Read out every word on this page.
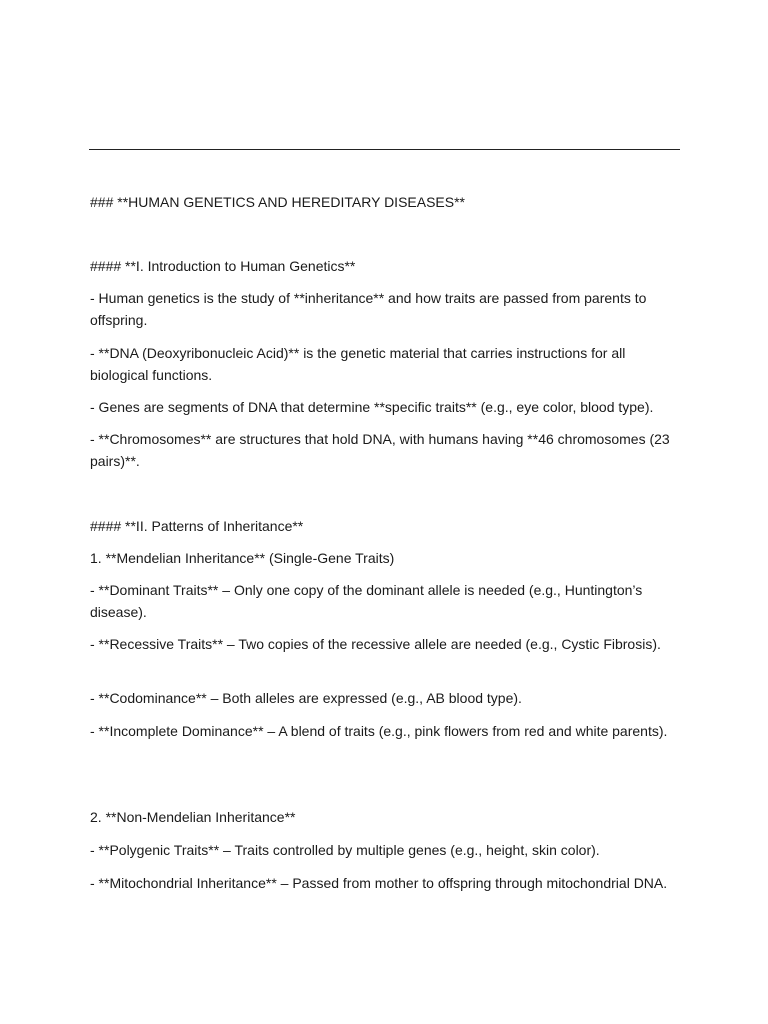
### **HUMAN GENETICS AND HEREDITARY DISEASES**
#### **I. Introduction to Human Genetics**
- Human genetics is the study of **inheritance** and how traits are passed from parents to offspring.
- **DNA (Deoxyribonucleic Acid)** is the genetic material that carries instructions for all biological functions.
- Genes are segments of DNA that determine **specific traits** (e.g., eye color, blood type).
- **Chromosomes** are structures that hold DNA, with humans having **46 chromosomes (23 pairs)**.
#### **II. Patterns of Inheritance**
1. **Mendelian Inheritance** (Single-Gene Traits)
- **Dominant Traits** – Only one copy of the dominant allele is needed (e.g., Huntington’s disease).
- **Recessive Traits** – Two copies of the recessive allele are needed (e.g., Cystic Fibrosis).
- **Codominance** – Both alleles are expressed (e.g., AB blood type).
- **Incomplete Dominance** – A blend of traits (e.g., pink flowers from red and white parents).
2. **Non-Mendelian Inheritance**
- **Polygenic Traits** – Traits controlled by multiple genes (e.g., height, skin color).
- **Mitochondrial Inheritance** – Passed from mother to offspring through mitochondrial DNA.
